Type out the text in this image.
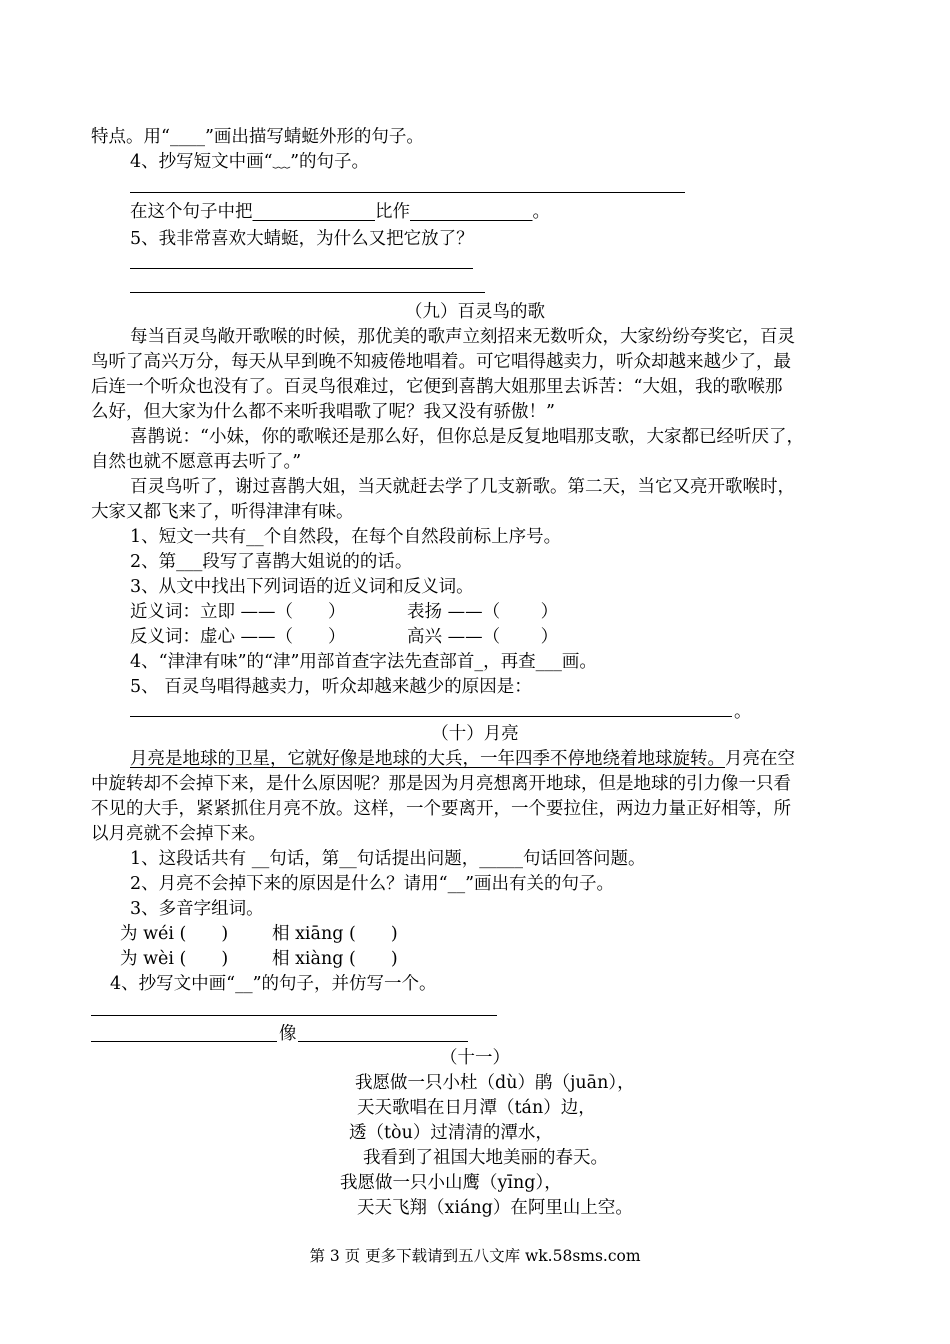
特点。用“____”画出描写蜻蜓外形的句子。
4、抄写短文中画“﹏”的句子。
在这个句子中把　　　　　　　	比作　　　　　　　	。
5、我非常喜欢大蜻蜓，为什么又把它放了？
（九）百灵鸟的歌
每当百灵鸟敞开歌喉的时候，那优美的歌声立刻招来无数听众，大家纷纷夸奖它，百灵
鸟听了高兴万分，每天从早到晚不知疲倦地唱着。可它唱得越卖力，听众却越来越少了，最
后连一个听众也没有了。百灵鸟很难过，它便到喜鹊大姐那里去诉苦：“大姐，我的歌喉那
么好，但大家为什么都不来听我唱歌了呢？我又没有骄傲！”
喜鹊说：“小妹，你的歌喉还是那么好，但你总是反复地唱那支歌，大家都已经听厌了，
自然也就不愿意再去听了。”
百灵鸟听了，谢过喜鹊大姐，当天就赶去学了几支新歌。第二天，当它又亮开歌喉时，
大家又都飞来了，听得津津有味。
1、短文一共有__个自然段，在每个自然段前标上序号。
2、第___段写了喜鹊大姐说的的话。
3、从文中找出下列词语的近义词和反义词。
近义词：立即 ——（　　）	表扬 ——（　　 ）
反义词：虚心 ——（　　）	高兴 ——（　　 ）
4、“津津有味”的“津”用部首查字法先查部首_，再查___画。
5、 百灵鸟唱得越卖力，听众却越来越少的原因是：
。
（十）月亮
月亮是地球的卫星，它就好像是地球的大兵，一年四季不停地绕着地球旋转。月亮在空
中旋转却不会掉下来，是什么原因呢？那是因为月亮想离开地球，但是地球的引力像一只看
不见的大手，紧紧抓住月亮不放。这样，一个要离开，一个要拉住，两边力量正好相等，所
以月亮就不会掉下来。
1、这段话共有 __句话，第__句话提出问题，_____句话回答问题。
2、月亮不会掉下来的原因是什么？请用“__”画出有关的句子。
3、多音字组词。
为 wéi (　　)	相 xiāng (　　)
为 wèi (　　)	相 xiàng (　　)
4、抄写文中画“__”的句子，并仿写一个。
像
（十一）
我愿做一只小杜（dù）鹃（juān），
天天歌唱在日月潭（tán）边，
透（tòu）过清清的潭水，
我看到了祖国大地美丽的春天。
我愿做一只小山鹰（yīng），
天天飞翔（xiáng）在阿里山上空。
第 3 页 更多下载请到五八文库 wk.58sms.com
